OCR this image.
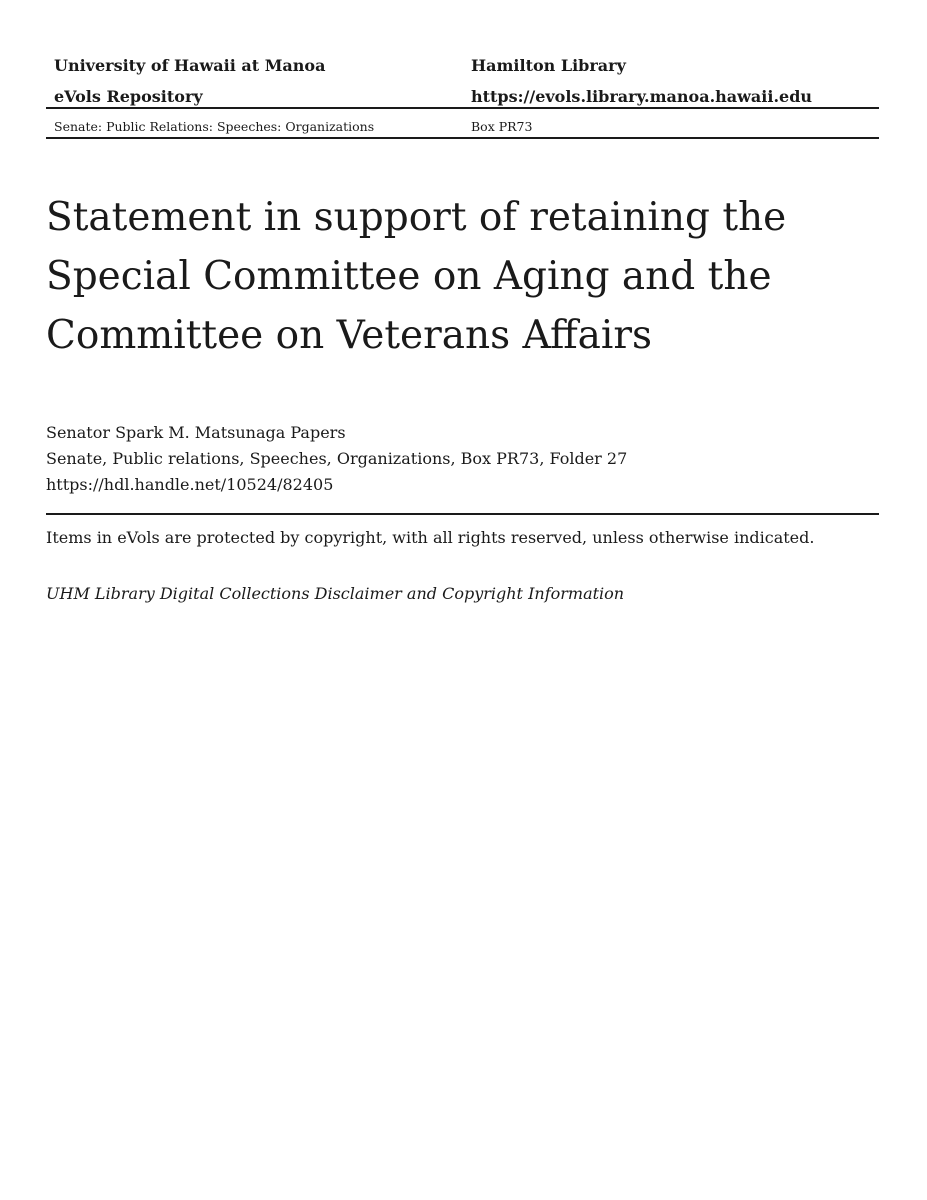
University of Hawaii at Manoa	Hamilton Library
eVols Repository	https://evols.library.manoa.hawaii.edu
Senate: Public Relations: Speeches: Organizations	Box PR73
Statement in support of retaining the
Special Committee on Aging and the
Committee on Veterans Affairs
Senator Spark M. Matsunaga Papers
Senate, Public relations, Speeches, Organizations, Box PR73, Folder 27
https://hdl.handle.net/10524/82405
Items in eVols are protected by copyright, with all rights reserved, unless otherwise indicated.
UHM Library Digital Collections Disclaimer and Copyright Information
